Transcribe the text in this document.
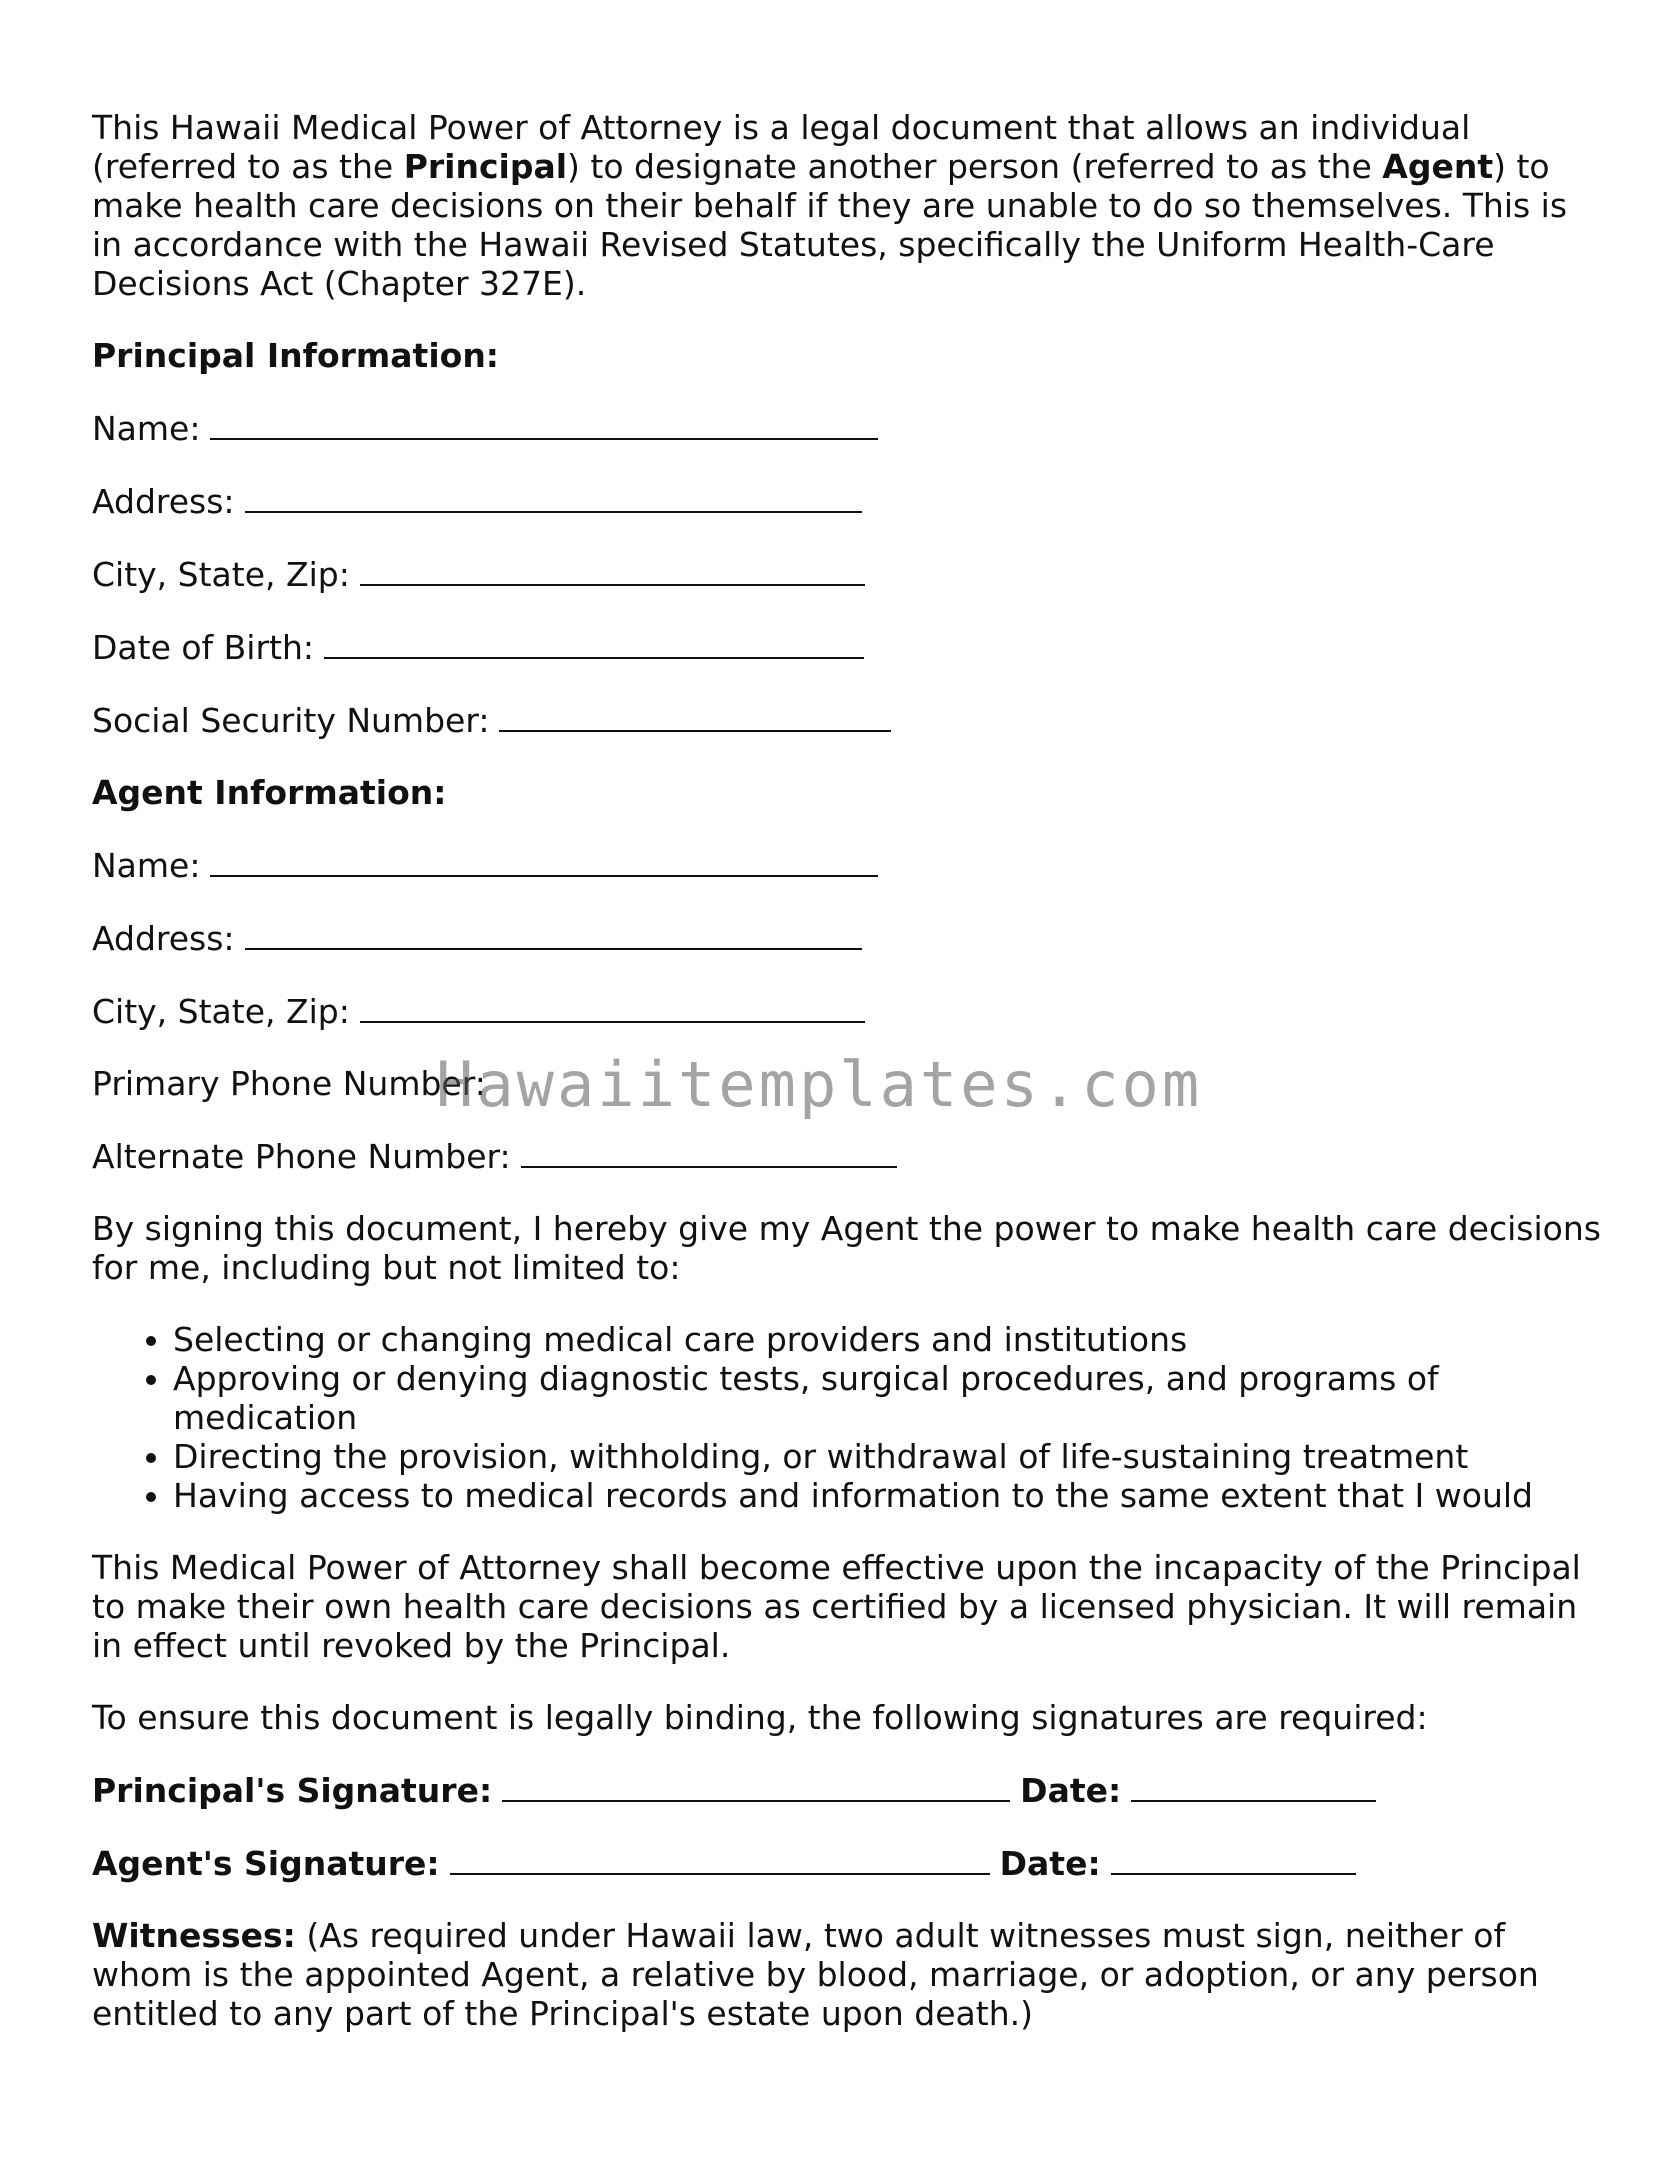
This Hawaii Medical Power of Attorney is a legal document that allows an individual (referred to as the Principal) to designate another person (referred to as the Agent) to make health care decisions on their behalf if they are unable to do so themselves. This is in accordance with the Hawaii Revised Statutes, specifically the Uniform Health-Care Decisions Act (Chapter 327E).

Principal Information:

Name:
Address:
City, State, Zip:
Date of Birth:
Social Security Number:

Agent Information:

Name:
Address:
City, State, Zip:
Primary Phone Number:
Alternate Phone Number:

By signing this document, I hereby give my Agent the power to make health care decisions for me, including but not limited to:

• Selecting or changing medical care providers and institutions
• Approving or denying diagnostic tests, surgical procedures, and programs of medication
• Directing the provision, withholding, or withdrawal of life-sustaining treatment
• Having access to medical records and information to the same extent that I would

This Medical Power of Attorney shall become effective upon the incapacity of the Principal to make their own health care decisions as certified by a licensed physician. It will remain in effect until revoked by the Principal.

To ensure this document is legally binding, the following signatures are required:

Principal's Signature:	Date:
Agent's Signature:	Date:

Witnesses: (As required under Hawaii law, two adult witnesses must sign, neither of whom is the appointed Agent, a relative by blood, marriage, or adoption, or any person entitled to any part of the Principal's estate upon death.)

Hawaiitemplates.com
